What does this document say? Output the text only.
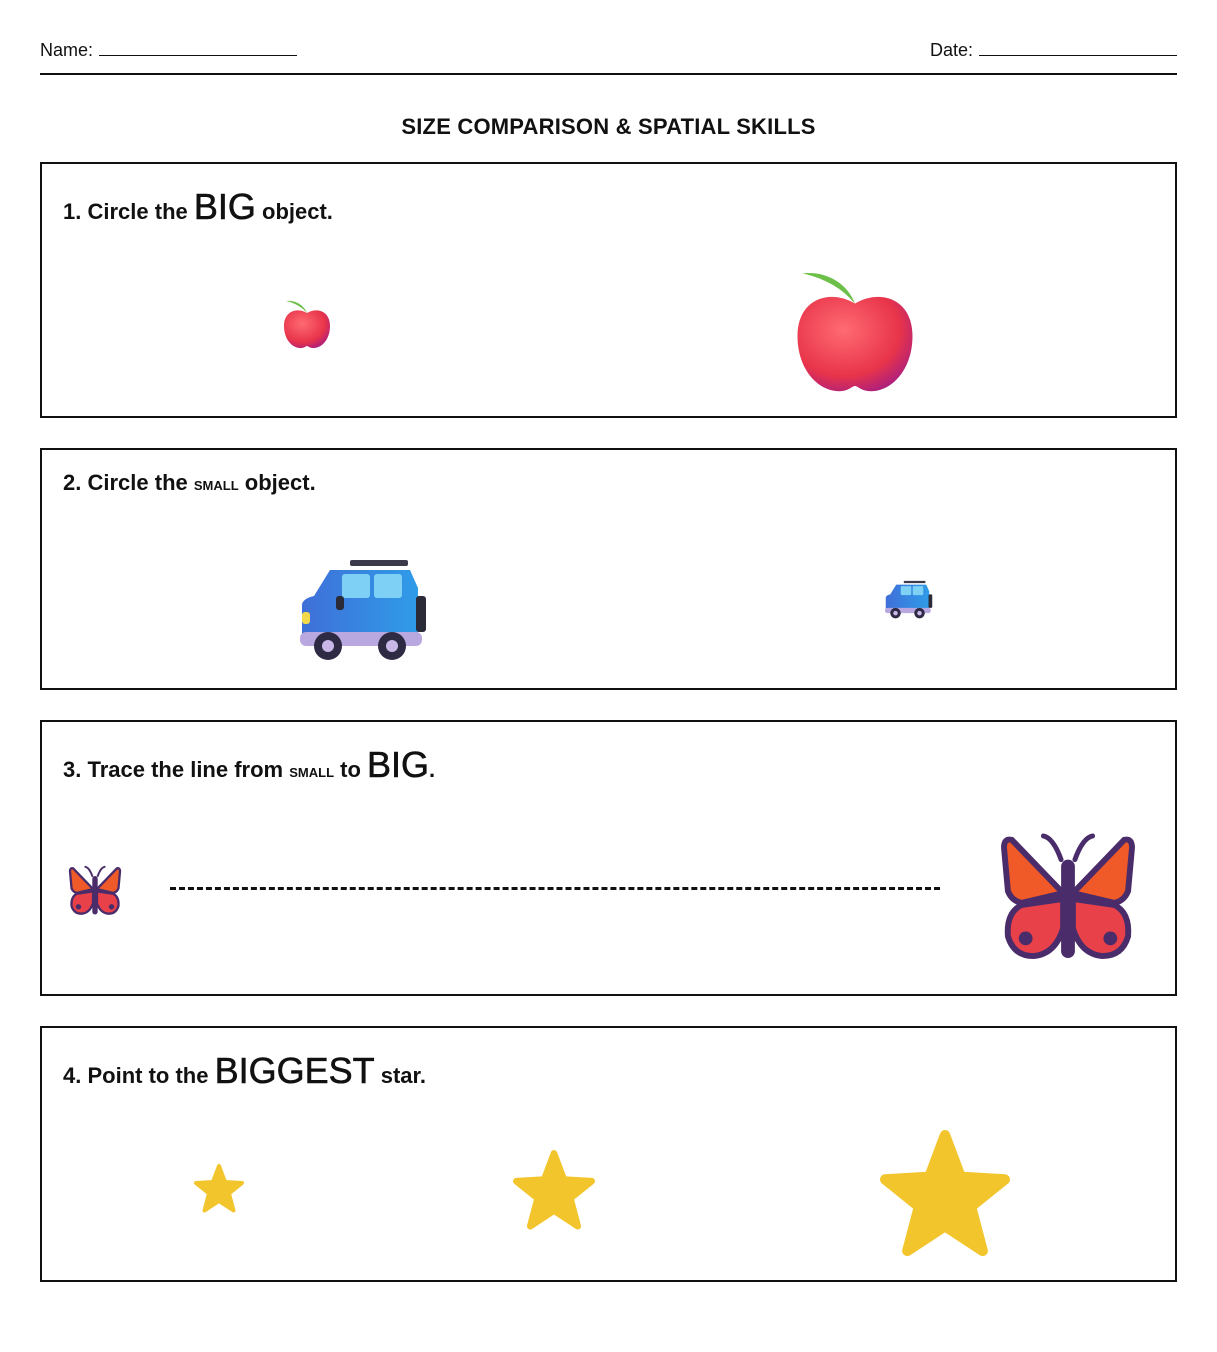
Name:	Date:
SIZE COMPARISON & SPATIAL SKILLS
1. Circle the BIG object.
2. Circle the small object.
3. Trace the line from small to BIG.
4. Point to the BIGGEST star.
